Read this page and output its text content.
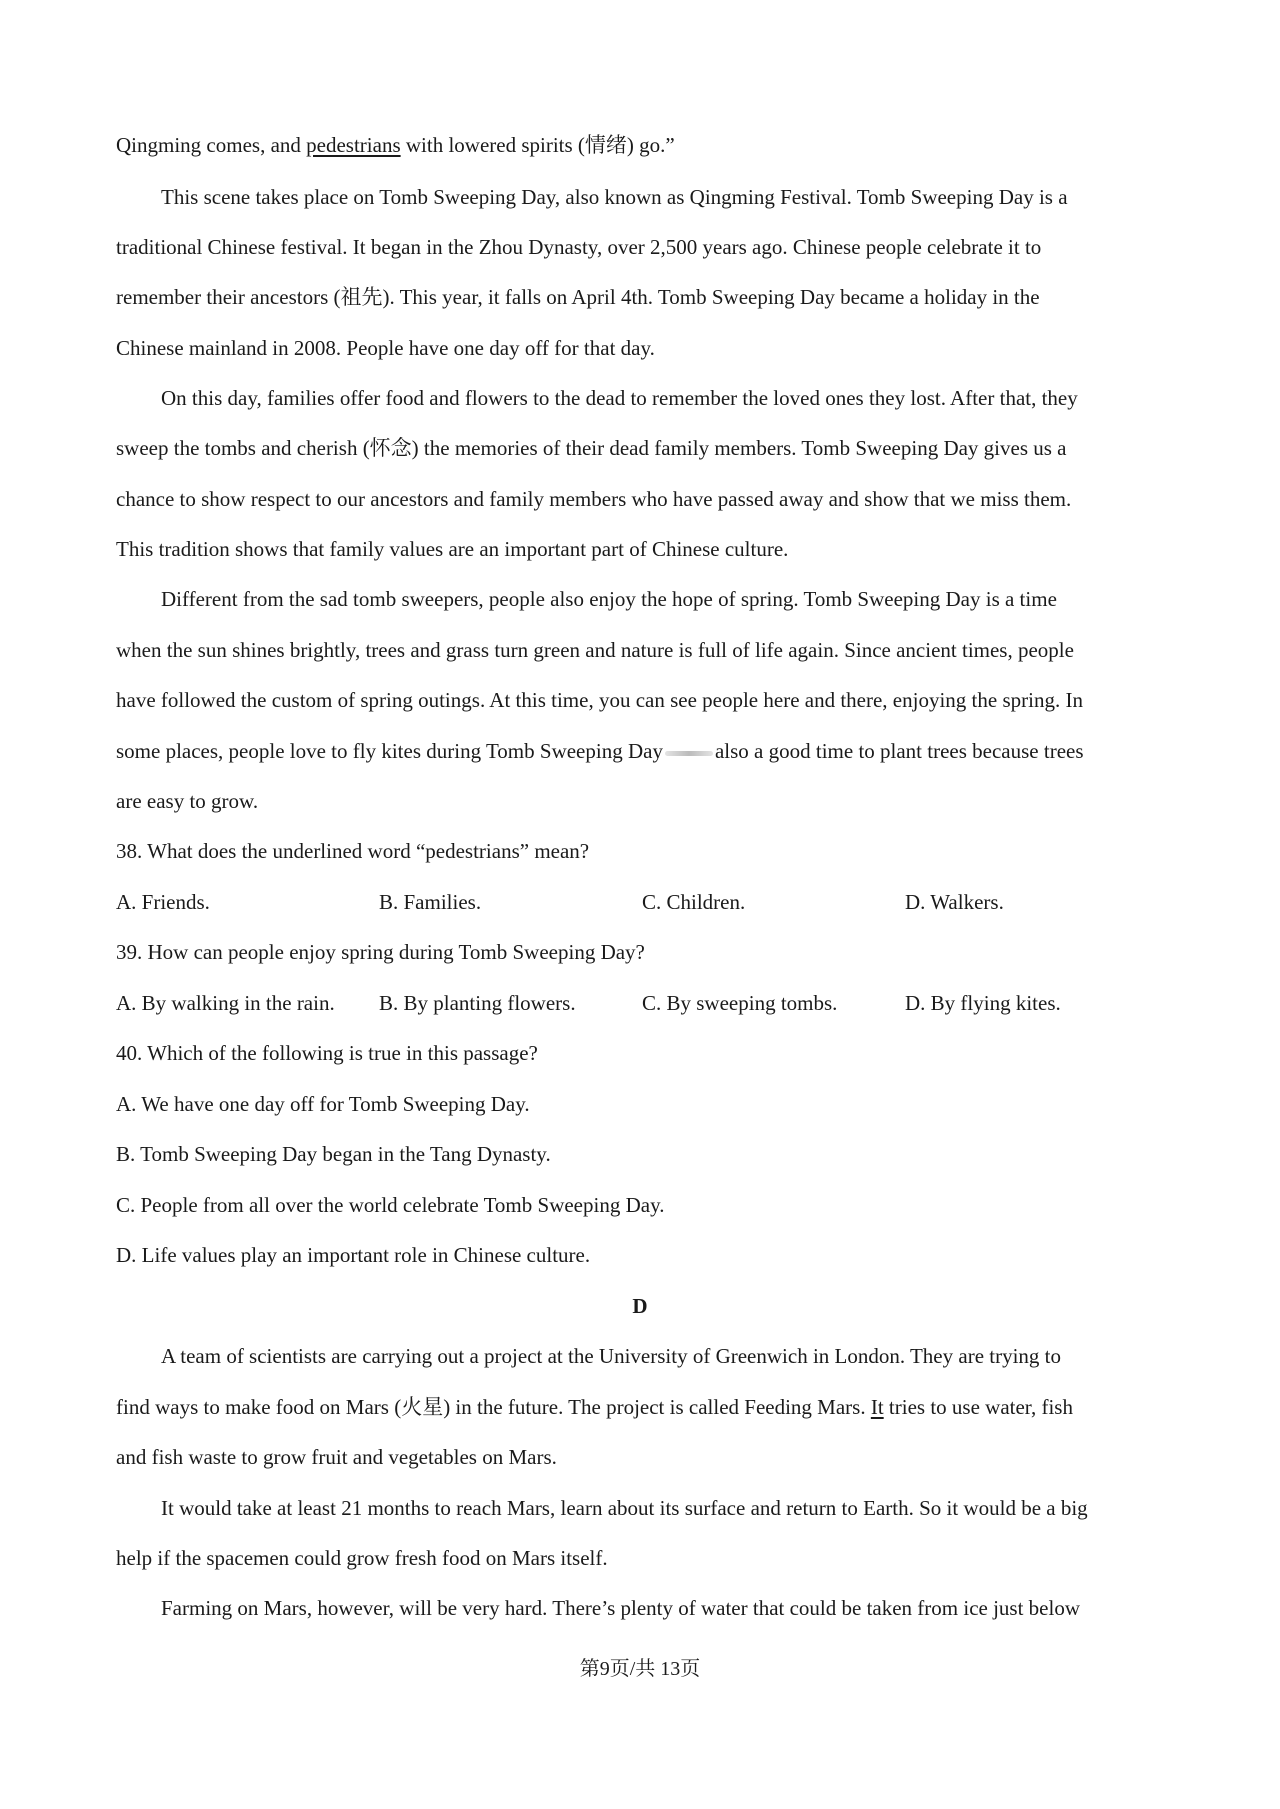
Qingming comes, and pedestrians with lowered spirits (情绪) go.”
This scene takes place on Tomb Sweeping Day, also known as Qingming Festival. Tomb Sweeping Day is a
traditional Chinese festival. It began in the Zhou Dynasty, over 2,500 years ago. Chinese people celebrate it to
remember their ancestors (祖先). This year, it falls on April 4th. Tomb Sweeping Day became a holiday in the
Chinese mainland in 2008. People have one day off for that day.
On this day, families offer food and flowers to the dead to remember the loved ones they lost. After that, they
sweep the tombs and cherish (怀念) the memories of their dead family members. Tomb Sweeping Day gives us a
chance to show respect to our ancestors and family members who have passed away and show that we miss them.
This tradition shows that family values are an important part of Chinese culture.
Different from the sad tomb sweepers, people also enjoy the hope of spring. Tomb Sweeping Day is a time
when the sun shines brightly, trees and grass turn green and nature is full of life again. Since ancient times, people
have followed the custom of spring outings. At this time, you can see people here and there, enjoying the spring. In
some places, people love to fly kites during Tomb Sweeping Day also a good time to plant trees because trees
are easy to grow.
38. What does the underlined word “pedestrians” mean?
A. Friends.	B. Families.	C. Children.	D. Walkers.
39. How can people enjoy spring during Tomb Sweeping Day?
A. By walking in the rain. B. By planting flowers.	C. By sweeping tombs.	D. By flying kites.
40. Which of the following is true in this passage?
A. We have one day off for Tomb Sweeping Day.
B. Tomb Sweeping Day began in the Tang Dynasty.
C. People from all over the world celebrate Tomb Sweeping Day.
D. Life values play an important role in Chinese culture.
D
A team of scientists are carrying out a project at the University of Greenwich in London. They are trying to
find ways to make food on Mars (火星) in the future. The project is called Feeding Mars. It tries to use water, fish
and fish waste to grow fruit and vegetables on Mars.
It would take at least 21 months to reach Mars, learn about its surface and return to Earth. So it would be a big
help if the spacemen could grow fresh food on Mars itself.
Farming on Mars, however, will be very hard. There’s plenty of water that could be taken from ice just below
第9页/共 13页
